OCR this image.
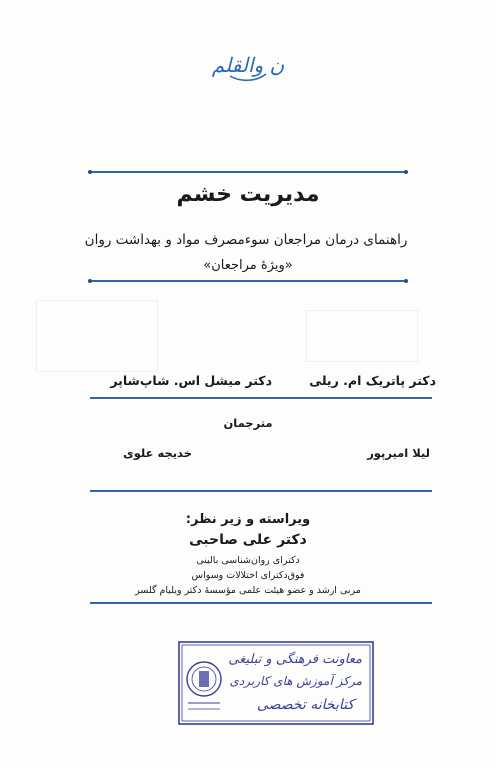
ن والقلم
مدیریت خشم
راهنمای درمان مراجعان سوءمصرف مواد و بهداشت روان
«ویژۀ مراجعان»
دکتر پاتریک ام. ریلی
دکتر میشل اس. شاپ‌شاپر
مترجمان
لیلا امیرپور
خدیجه علوی
ویراسته و زیر نظر:
دکتر علی صاحبی
دکترای روان‌شناسی بالینی
فوق‌دکترای اختلالات وسواس
مربی ارشد و عضو هیئت علمی مؤسسهٔ دکتر ویلیام گلسر
معاونت فرهنگی و تبلیغی
مرکز آموزش های کاربردی
کتابخانه تخصصی
